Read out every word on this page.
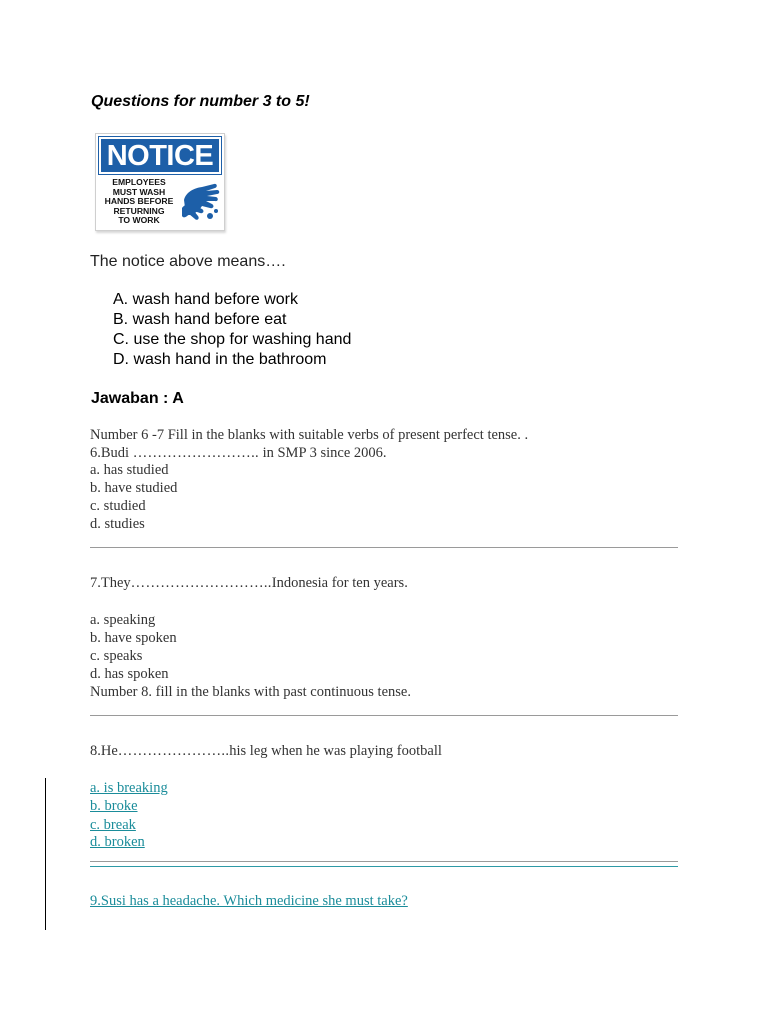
Questions for number 3 to 5!
NOTICE
EMPLOYEES
MUST WASH
HANDS BEFORE
RETURNING
TO WORK
The notice above means….
A. wash hand before work
B. wash hand before eat
C. use the shop for washing hand
D. wash hand in the bathroom
Jawaban : A
Number 6 -7 Fill in the blanks with suitable verbs of present perfect tense. .
6.Budi …………………….. in SMP 3 since 2006.
a. has studied
b. have studied
c. studied
d. studies
7.They………………………..Indonesia for ten years.
a. speaking
b. have spoken
c. speaks
d. has spoken
Number 8. fill in the blanks with past continuous tense.
8.He…………………..his leg when he was playing football
a. is breaking
b. broke
c. break
d. broken
9.Susi has a headache. Which medicine she must take?
